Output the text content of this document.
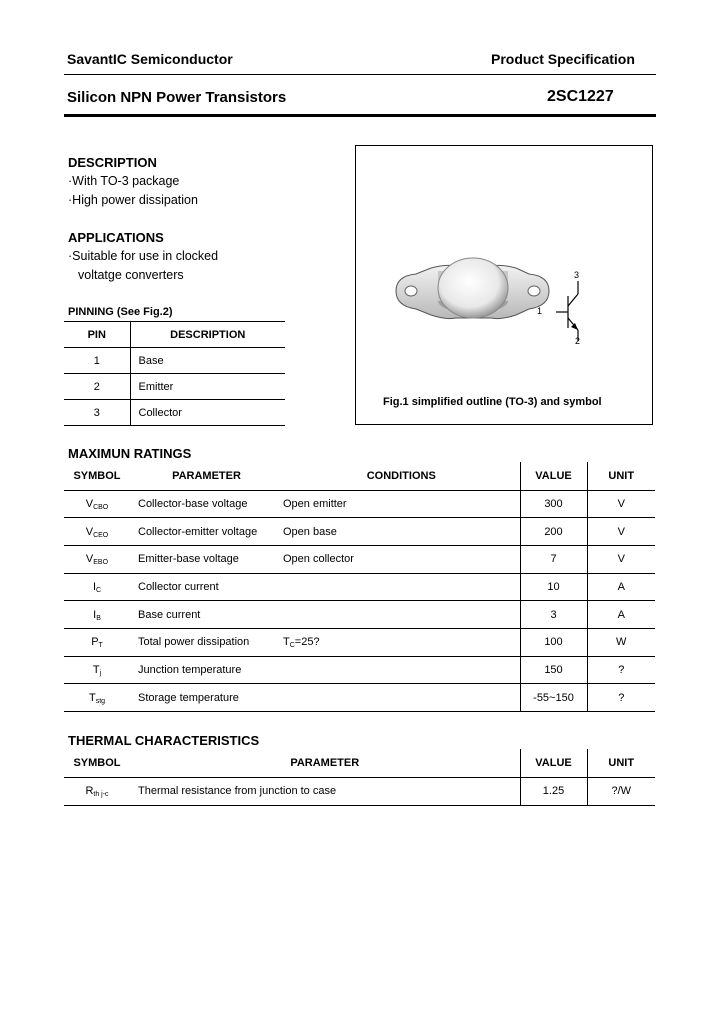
SavantIC Semiconductor	Product Specification
Silicon NPN Power Transistors	2SC1227
DESCRIPTION
·With TO-3 package
·High power dissipation
APPLICATIONS
·Suitable for use in clocked
voltatge converters
PINNING (See Fig.2)
PIN	DESCRIPTION
1	Base
2	Emitter
3	Collector
3
1
2
Fig.1 simplified outline (TO-3) and symbol
MAXIMUN RATINGS
SYMBOL	PARAMETER	CONDITIONS	VALUE	UNIT
VCBO	Collector-base voltage	Open emitter	300	V
VCEO	Collector-emitter voltage	Open base	200	V
VEBO	Emitter-base voltage	Open collector	7	V
IC	Collector current		10	A
IB	Base current		3	A
PT	Total power dissipation	TC=25?	100	W
Tj	Junction temperature		150	?
Tstg	Storage temperature		-55~150	?
THERMAL CHARACTERISTICS
SYMBOL	PARAMETER	VALUE	UNIT
Rth j-c	Thermal resistance from junction to case	1.25	?/W
